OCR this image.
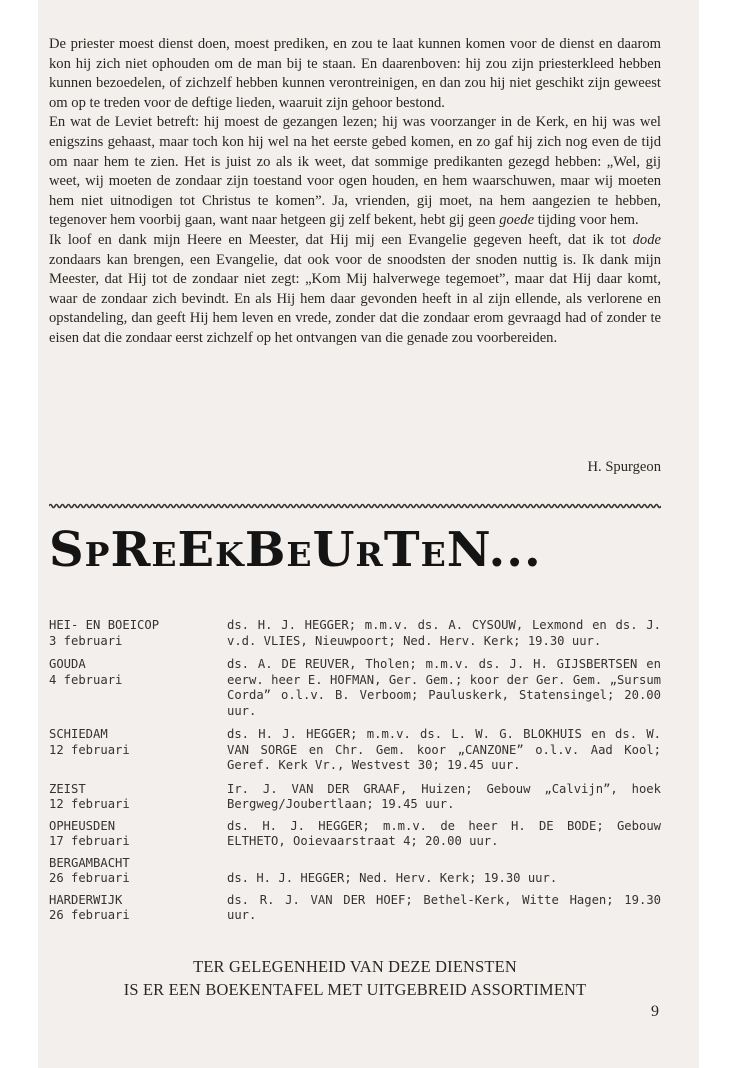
De priester moest dienst doen, moest prediken, en zou te laat kunnen komen voor de dienst en daarom kon hij zich niet ophouden om de man bij te staan. En daarenboven: hij zou zijn priesterkleed hebben kunnen bezoedelen, of zichzelf hebben kunnen verontreinigen, en dan zou hij niet geschikt zijn geweest om op te treden voor de deftige lieden, waaruit zijn gehoor bestond.

En wat de Leviet betreft: hij moest de gezangen lezen; hij was voorzanger in de Kerk, en hij was wel enigszins gehaast, maar toch kon hij wel na het eerste gebed komen, en zo gaf hij zich nog even de tijd om naar hem te zien. Het is juist zo als ik weet, dat sommige predikanten gezegd hebben: „Wel, gij weet, wij moeten de zondaar zijn toestand voor ogen houden, en hem waarschuwen, maar wij moeten hem niet uitnodigen tot Christus te komen”. Ja, vrienden, gij moet, na hem aangezien te hebben, tegenover hem voorbij gaan, want naar hetgeen gij zelf bekent, hebt gij geen goede tijding voor hem.

Ik loof en dank mijn Heere en Meester, dat Hij mij een Evangelie gegeven heeft, dat ik tot dode zondaars kan brengen, een Evangelie, dat ook voor de snoodsten der snoden nuttig is. Ik dank mijn Meester, dat Hij tot de zondaar niet zegt: „Kom Mij halverwege tegemoet”, maar dat Hij daar komt, waar de zondaar zich bevindt. En als Hij hem daar gevonden heeft in al zijn ellende, als verlorene en opstandeling, dan geeft Hij hem leven en vrede, zonder dat die zondaar erom gevraagd had of zonder te eisen dat die zondaar eerst zichzelf op het ontvangen van die genade zou voorbereiden.

H. Spurgeon
SPREEKBEURTEN...
HEI- EN BOEICOP
3 februari
ds. H. J. HEGGER; m.m.v. ds. A. CYSOUW, Lexmond en ds. J. v.d. VLIES, Nieuwpoort; Ned. Herv. Kerk; 19.30 uur.
GOUDA
4 februari
ds. A. DE REUVER, Tholen; m.m.v. ds. J. H. GIJSBERTSEN en eerw. heer E. HOFMAN, Ger. Gem.; koor der Ger. Gem. „Sursum Corda” o.l.v. B. Verboom; Pauluskerk, Statensingel; 20.00 uur.
SCHIEDAM
12 februari
ds. H. J. HEGGER; m.m.v. ds. L. W. G. BLOKHUIS en ds. W. VAN SORGE en Chr. Gem. koor „CANZONE” o.l.v. Aad Kool; Geref. Kerk Vr., Westvest 30; 19.45 uur.
ZEIST
12 februari
Ir. J. VAN DER GRAAF, Huizen; Gebouw „Calvijn”, hoek Bergweg/Joubertlaan; 19.45 uur.
OPHEUSDEN
17 februari
ds. H. J. HEGGER; m.m.v. de heer H. DE BODE; Gebouw ELTHETO, Ooievaarstraat 4; 20.00 uur.
BERGAMBACHT
26 februari	ds. H. J. HEGGER; Ned. Herv. Kerk; 19.30 uur.
HARDERWIJK
26 februari
ds. R. J. VAN DER HOEF; Bethel-Kerk, Witte Hagen; 19.30 uur.
TER GELEGENHEID VAN DEZE DIENSTEN
IS ER EEN BOEKENTAFEL MET UITGEBREID ASSORTIMENT
9
